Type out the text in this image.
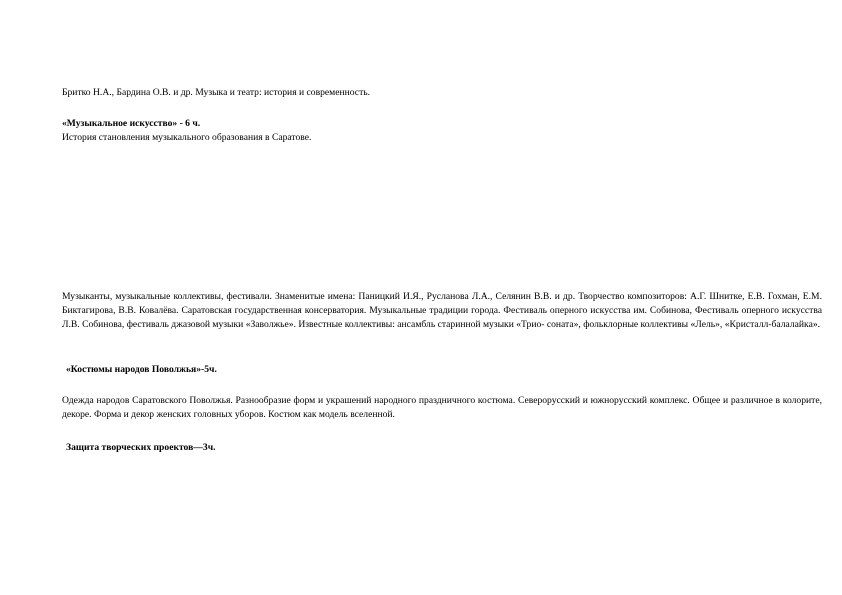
Бритко Н.А., Бардина О.В. и др. Музыка и театр: история и современность.

«Музыкальное искусство» - 6 ч.

История становления музыкального образования в Саратове.

Музыканты, музыкальные коллективы, фестивали. Знаменитые имена: Паницкий И.Я., Русланова Л.А., Селянин В.В. и др. Творчество композиторов: А.Г. Шнитке, Е.В. Гохман, Е.М. Биктагирова, В.В. Ковалёва. Саратовская государственная консерватория. Музыкальные традиции города. Фестиваль оперного искусства им. Собинова, Фестиваль оперного искусства Л.В. Собинова, фестиваль джазовой музыки «Заволжье». Известные коллективы: ансамбль старинной музыки «Трио- соната», фольклорные коллективы «Лель», «Кристалл-балалайка».

«Костюмы народов Поволжья»-5ч.

Одежда народов Саратовского Поволжья. Разнообразие форм и украшений народного праздничного костюма. Северорусский и южнорусский комплекс. Общее и различное в колорите, декоре. Форма и декор женских головных уборов. Костюм как модель вселенной.

Защита творческих проектов—3ч.
